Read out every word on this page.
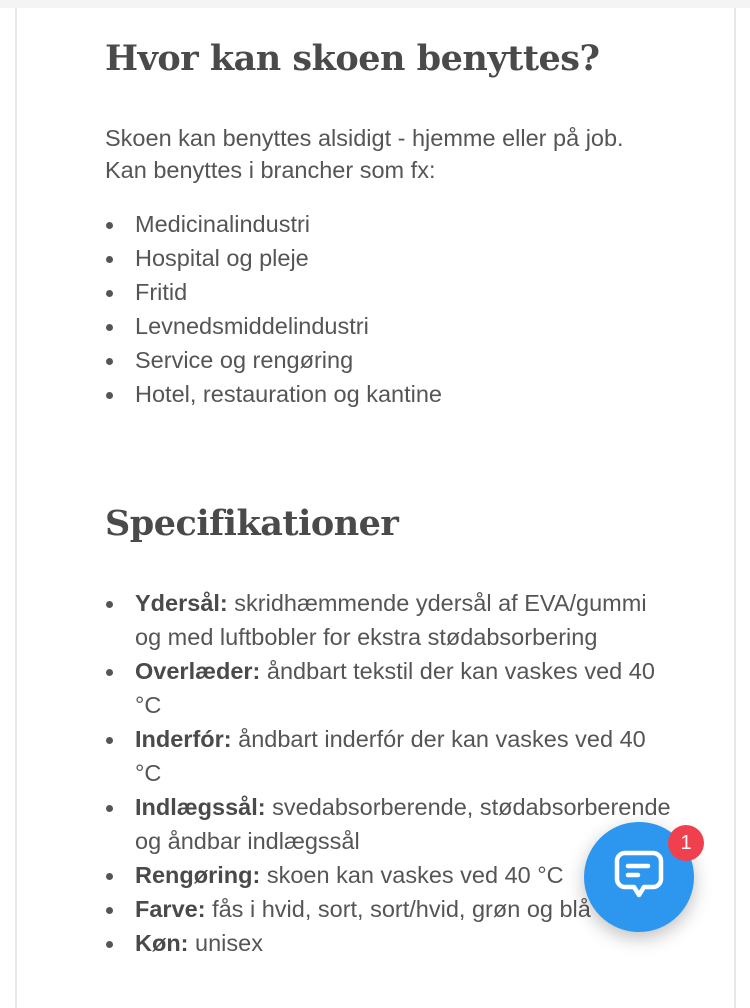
Hvor kan skoen benyttes?
Skoen kan benyttes alsidigt - hjemme eller på job.
Kan benyttes i brancher som fx:
Medicinalindustri
Hospital og pleje
Fritid
Levnedsmiddelindustri
Service og rengøring
Hotel, restauration og kantine
Specifikationer
Ydersål: skridhæmmende ydersål af EVA/gummi og med luftbobler for ekstra stødabsorbering
Overlæder: åndbart tekstil der kan vaskes ved 40 °C
Inderfór: åndbart inderfór der kan vaskes ved 40 °C
Indlægssål: svedabsorberende, stødabsorberende og åndbar indlægssål
Rengøring: skoen kan vaskes ved 40 °C
Farve: fås i hvid, sort, sort/hvid, grøn og blå
Køn: unisex
1
